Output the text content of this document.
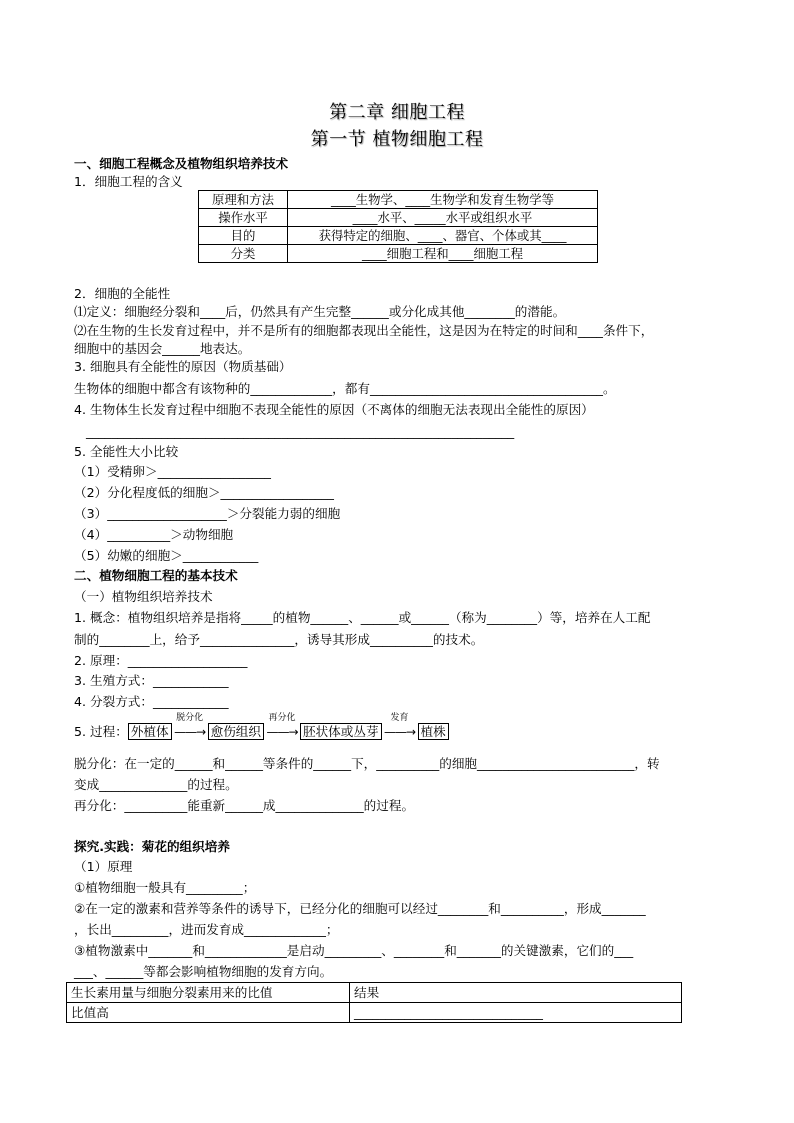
第二章 细胞工程
第一节 植物细胞工程
一、细胞工程概念及植物组织培养技术
1．细胞工程的含义
原理和方法	____生物学、____生物学和发育生物学等
操作水平	____水平、_____水平或组织水平
目的	获得特定的细胞、____、器官、个体或其____
分类	____细胞工程和____细胞工程
2．细胞的全能性
⑴定义：细胞经分裂和____后，仍然具有产生完整______或分化成其他________的潜能。
⑵在生物的生长发育过程中，并不是所有的细胞都表现出全能性，这是因为在特定的时间和____条件下，
细胞中的基因会______地表达。
3. 细胞具有全能性的原因（物质基础）
生物体的细胞中都含有该物种的_____________，都有_____________________________________。
4. 生物体生长发育过程中细胞不表现全能性的原因（不离体的细胞无法表现出全能性的原因）
____________________________________________________________________
5. 全能性大小比较
（1）受精卵＞__________________
（2）分化程度低的细胞＞__________________
（3）___________________＞分裂能力弱的细胞
（4）__________＞动物细胞
（5）幼嫩的细胞＞____________
二、植物细胞工程的基本技术
（一）植物组织培养技术
1. 概念：植物组织培养是指将_____的植物______、______或______（称为________）等，培养在人工配
制的________上，给予_______________，诱导其形成__________的技术。
2. 原理：___________________
3. 生殖方式：____________
4. 分裂方式：____________
5. 过程： 外植体
脱分化
——→ 愈伤组织
再分化
——→ 胚状体或丛芽
发育
——→ 植株
脱分化：在一定的______和______等条件的______下，__________的细胞_________________________，转
变成______________的过程。
再分化：__________能重新______成______________的过程。
探究.实践：菊花的组织培养
（1）原理
①植物细胞一般具有_________；
②在一定的激素和营养等条件的诱导下，已经分化的细胞可以经过________和__________，形成_______
，长出_________，进而发育成_____________；
③植物激素中_______和_____________是启动_________、________和_______的关键激素，它们的___
___、______等都会影响植物细胞的发育方向。
生长素用量与细胞分裂素用来的比值	结果
比值高	______________________________
